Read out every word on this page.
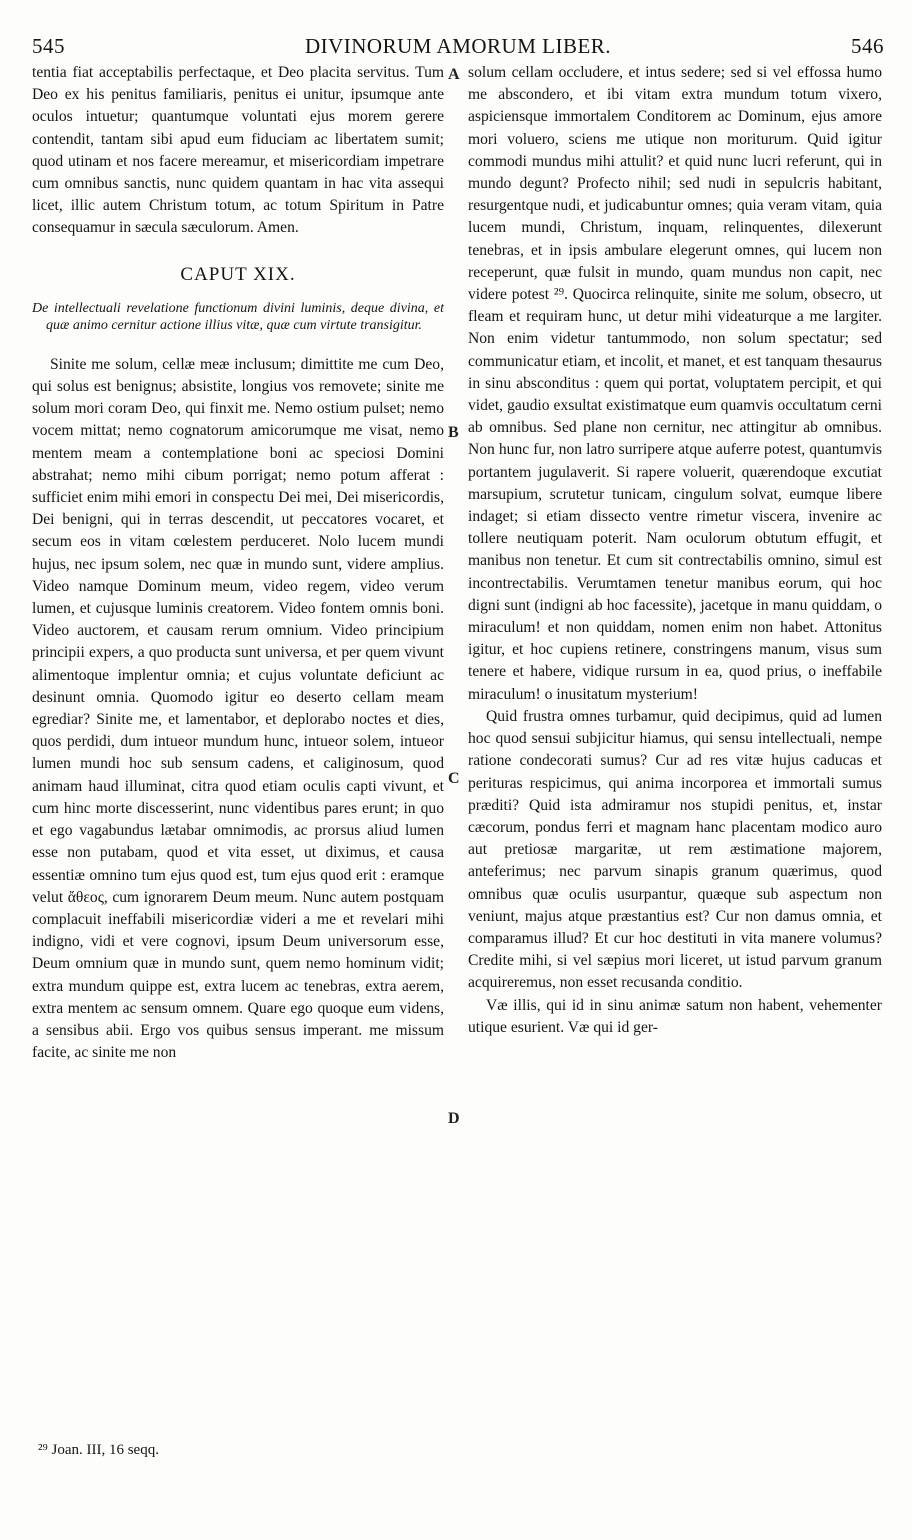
545	DIVINORUM AMORUM LIBER.	546

tentia fiat acceptabilis perfectaque, et Deo placita servitus. Tum Deo ex his penitus familiaris, penitus ei unitur, ipsumque ante oculos intuetur; quantumque voluntati ejus morem gerere contendit, tantam sibi apud eum fiduciam ac libertatem sumit; quod utinam et nos facere mereamur, et misericordiam impetrare cum omnibus sanctis, nunc quidem quantam in hac vita assequi licet, illic autem Christum totum, ac totum Spiritum in Patre consequamur in sæcula sæculorum. Amen.

CAPUT XIX.
De intellectuali revelatione functionum divini luminis, deque divina, et quæ animo cernitur actione illius vitæ, quæ cum virtute transigitur.

Sinite me solum, cellæ meæ inclusum; dimittite me cum Deo, qui solus est benignus; absistite, longius vos removete; sinite me solum mori coram Deo, qui finxit me. Nemo ostium pulset; nemo vocem mittat; nemo cognatorum amicorumque me visat, nemo mentem meam a contemplatione boni ac speciosi Domini abstrahat; nemo mihi cibum porrigat; nemo potum afferat : sufficiet enim mihi emori in conspectu Dei mei, Dei misericordis, Dei benigni, qui in terras descendit, ut peccatores vocaret, et secum eos in vitam cœlestem perduceret. Nolo lucem mundi hujus, nec ipsum solem, nec quæ in mundo sunt, videre amplius. Video namque Dominum meum, video regem, video verum lumen, et cujusque luminis creatorem. Video fontem omnis boni. Video auctorem, et causam rerum omnium. Video principium principii expers, a quo producta sunt universa, et per quem vivunt alimentoque implentur omnia; et cujus voluntate deficiunt ac desinunt omnia. Quomodo igitur eo deserto cellam meam egrediar? Sinite me, et lamentabor, et deplorabo noctes et dies, quos perdidi, dum intueor mundum hunc, intueor solem, intueor lumen mundi hoc sub sensum cadens, et caliginosum, quod animam haud illuminat, citra quod etiam oculis capti vivunt, et cum hinc morte discesserint, nunc videntibus pares erunt; in quo et ego vagabundus lætabar omnimodis, ac prorsus aliud lumen esse non putabam, quod et vita esset, ut diximus, et causa essentiæ omnino tum ejus quod est, tum ejus quod erit : eramque velut ἄθεος, cum ignorarem Deum meum. Nunc autem postquam complacuit ineffabili misericordiæ videri a me et revelari mihi indigno, vidi et vere cognovi, ipsum Deum universorum esse, Deum omnium quæ in mundo sunt, quem nemo hominum vidit; extra mundum quippe est, extra lucem ac tenebras, extra aerem, extra mentem ac sensum omnem. Quare ego quoque eum videns, a sensibus abii. Ergo vos quibus sensus imperant. me missum facite, ac sinite me non

solum cellam occludere, et intus sedere; sed si vel effossa humo me abscondero, et ibi vitam extra mundum totum vixero, aspiciensque immortalem Conditorem ac Dominum, ejus amore mori voluero, sciens me utique non moriturum. Quid igitur commodi mundus mihi attulit? et quid nunc lucri referunt, qui in mundo degunt? Profecto nihil; sed nudi in sepulcris habitant, resurgentque nudi, et judicabuntur omnes; quia veram vitam, quia lucem mundi, Christum, inquam, relinquentes, dilexerunt tenebras, et in ipsis ambulare elegerunt omnes, qui lucem non receperunt, quæ fulsit in mundo, quam mundus non capit, nec videre potest ²⁹. Quocirca relinquite, sinite me solum, obsecro, ut fleam et requiram hunc, ut detur mihi videaturque a me largiter. Non enim videtur tantummodo, non solum spectatur; sed communicatur etiam, et incolit, et manet, et est tanquam thesaurus in sinu absconditus : quem qui portat, voluptatem percipit, et qui videt, gaudio exsultat existimatque eum quamvis occultatum cerni ab omnibus. Sed plane non cernitur, nec attingitur ab omnibus. Non hunc fur, non latro surripere atque auferre potest, quantumvis portantem jugulaverit. Si rapere voluerit, quærendoque excutiat marsupium, scrutetur tunicam, cingulum solvat, eumque libere indaget; si etiam dissecto ventre rimetur viscera, invenire ac tollere neutiquam poterit. Nam oculorum obtutum effugit, et manibus non tenetur. Et cum sit contrectabilis omnino, simul est incontrectabilis. Verumtamen tenetur manibus eorum, qui hoc digni sunt (indigni ab hoc facessite), jacetque in manu quiddam, o miraculum! et non quiddam, nomen enim non habet. Attonitus igitur, et hoc cupiens retinere, constringens manum, visus sum tenere et habere, vidique rursum in ea, quod prius, o ineffabile miraculum! o inusitatum mysterium!

Quid frustra omnes turbamur, quid decipimus, quid ad lumen hoc quod sensui subjicitur hiamus, qui sensu intellectuali, nempe ratione condecorati sumus? Cur ad res vitæ hujus caducas et perituras respicimus, qui anima incorporea et immortali sumus præditi? Quid ista admiramur nos stupidi penitus, et, instar cæcorum, pondus ferri et magnam hanc placentam modico auro aut pretiosæ margaritæ, ut rem æstimatione majorem, anteferimus; nec parvum sinapis granum quærimus, quod omnibus quæ oculis usurpantur, quæque sub aspectum non veniunt, majus atque præstantius est? Cur non damus omnia, et comparamus illud? Et cur hoc destituti in vita manere volumus? Credite mihi, si vel sæpius mori liceret, ut istud parvum granum acquireremus, non esset recusanda conditio.

Væ illis, qui id in sinu animæ satum non habent, vehementer utique esurient. Væ qui id ger-

A
B
C
D
²⁹ Joan. III, 16 seqq.
